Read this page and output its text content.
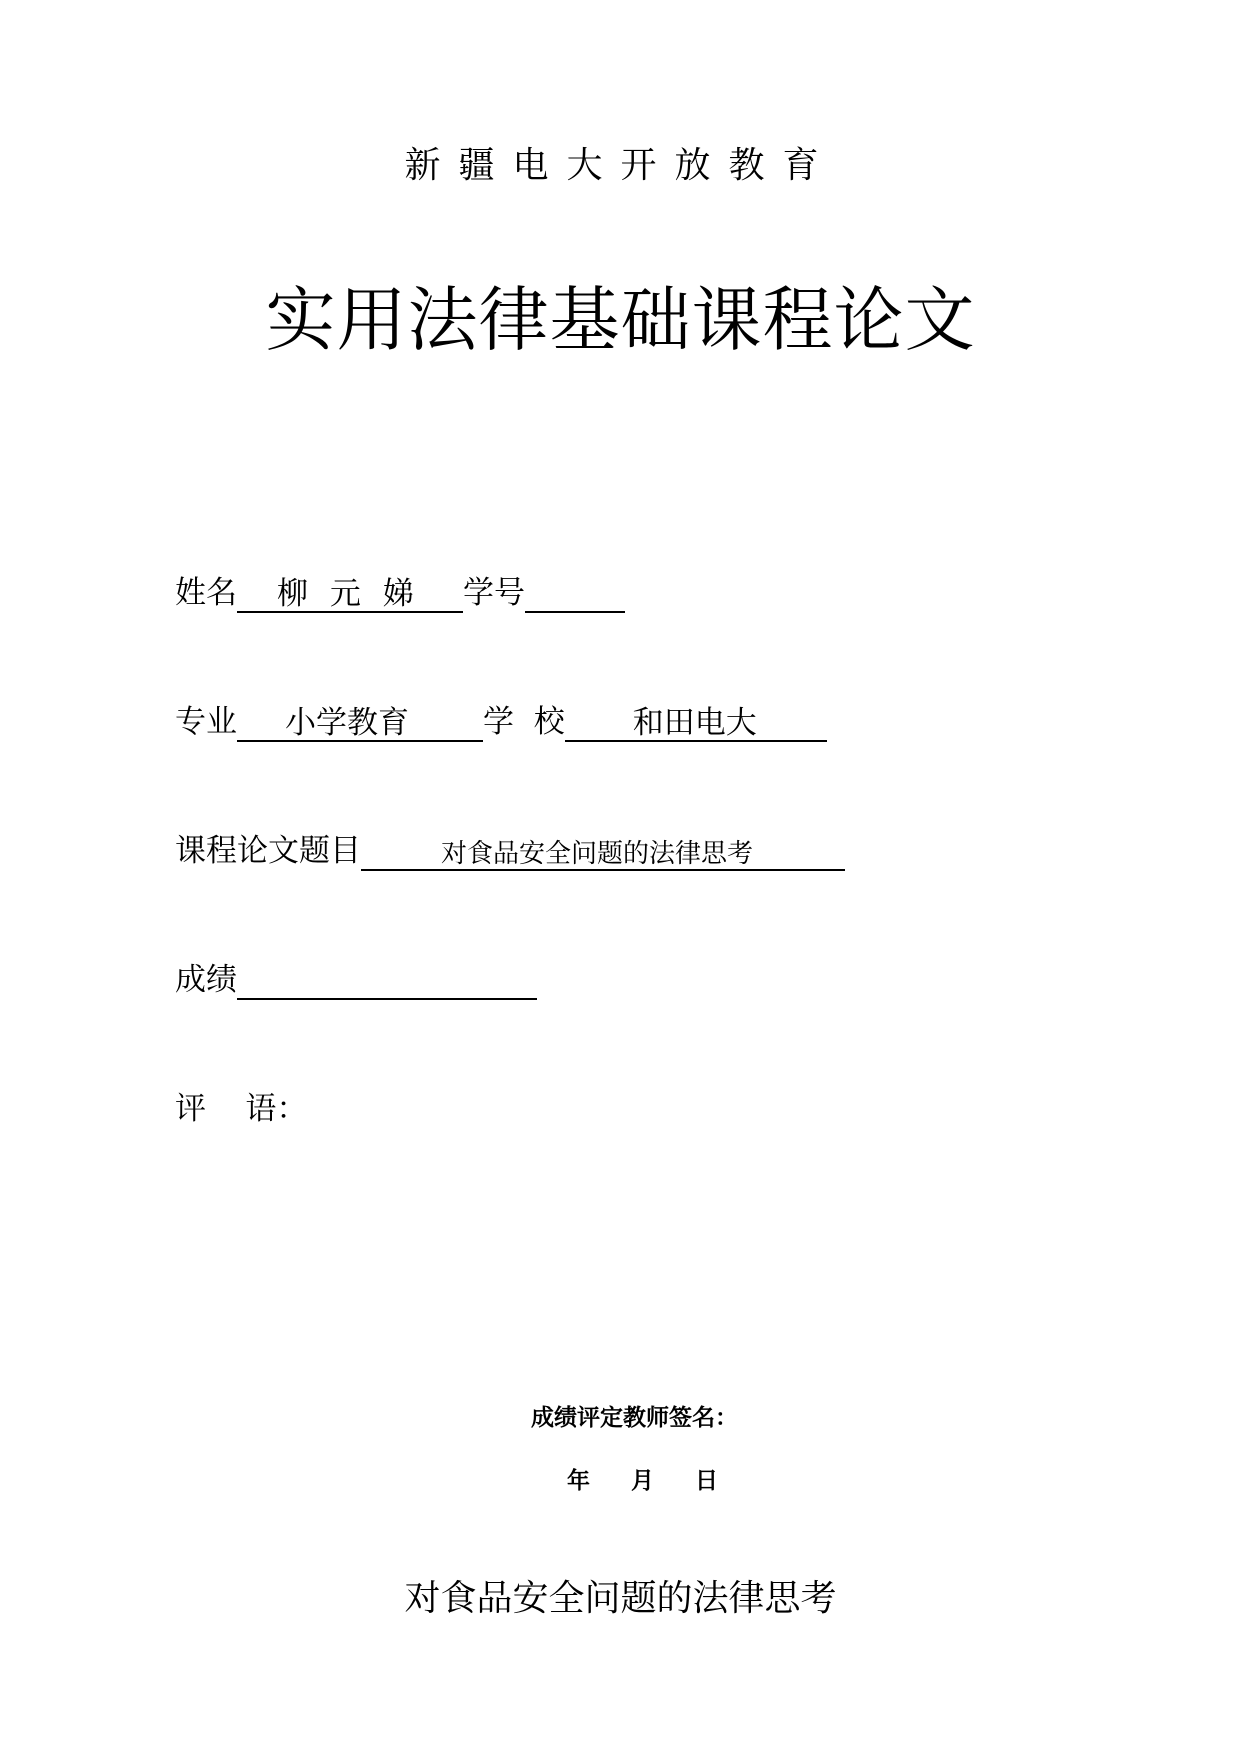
新疆电大开放教育
实用法律基础课程论文
姓名 柳 元 娣 学号
专业 小学教育 学  校 和田电大
课程论文题目	对食品安全问题的法律思考
成绩
评    语：
成绩评定教师签名：
年 月 日
对食品安全问题的法律思考
